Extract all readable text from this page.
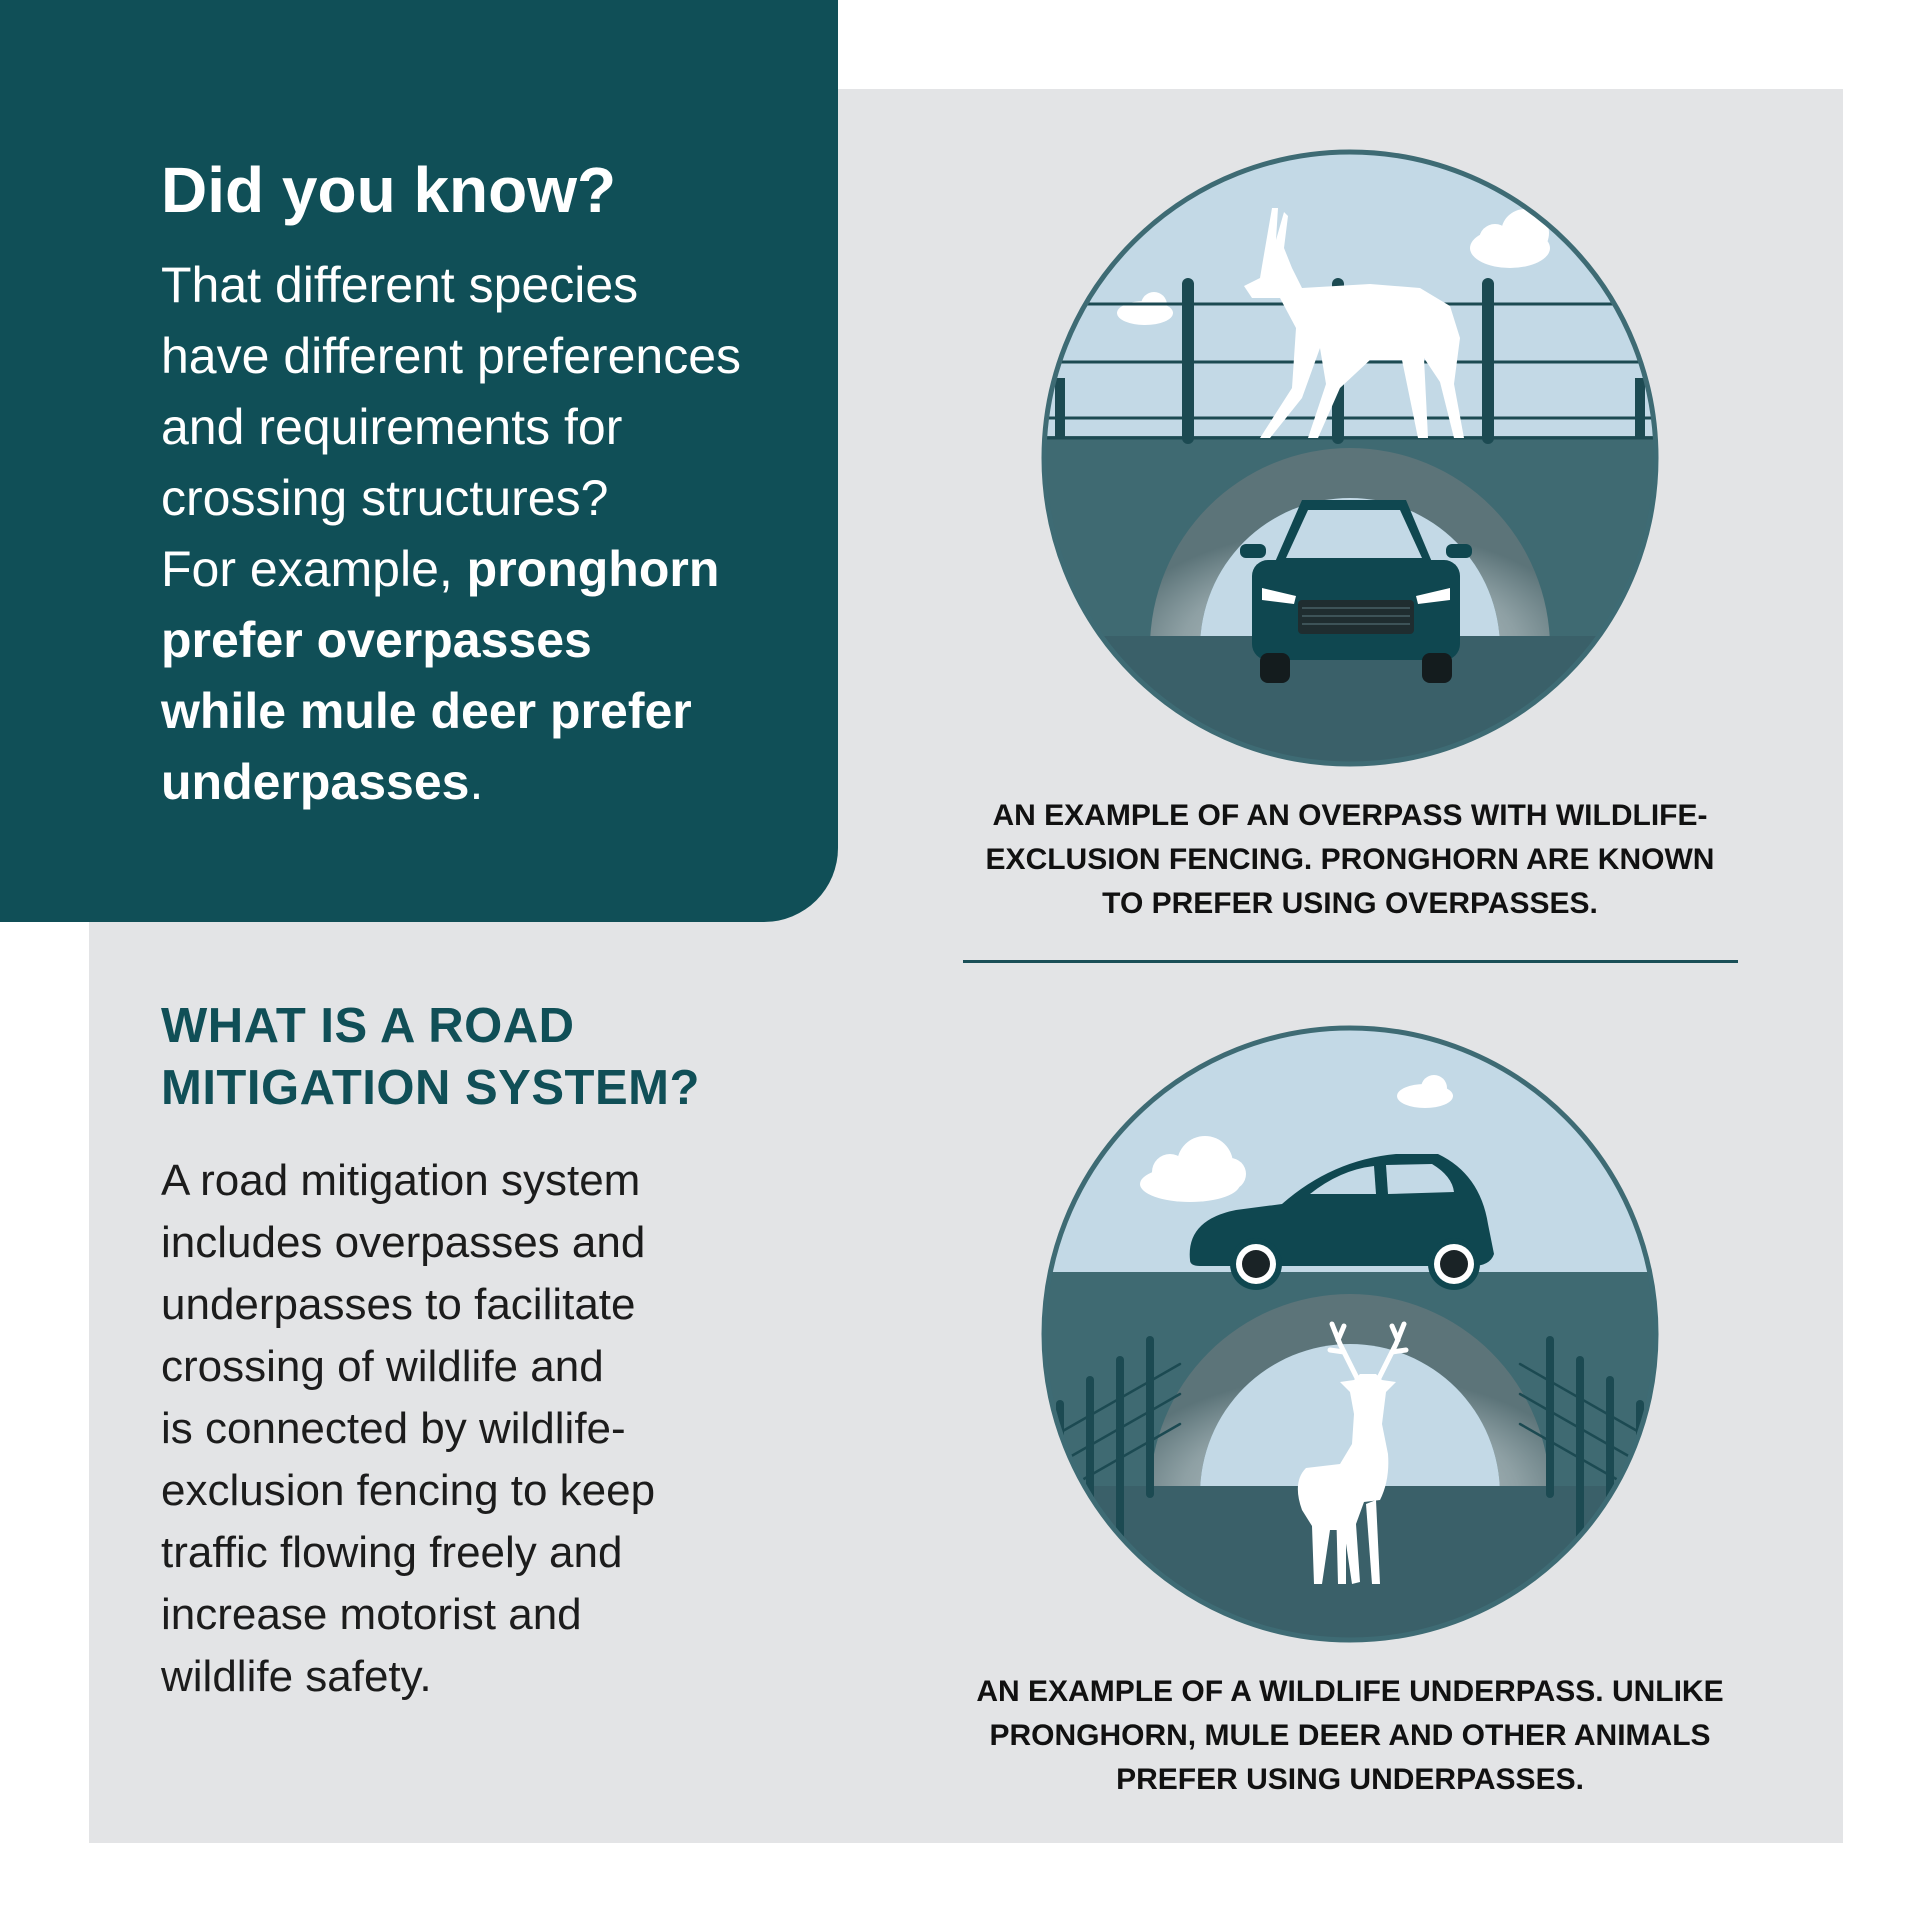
Did you know?

That different species
have different preferences
and requirements for
crossing structures?
For example, pronghorn
prefer overpasses
while mule deer prefer
underpasses.

WHAT IS A ROAD
MITIGATION SYSTEM?

A road mitigation system
includes overpasses and
underpasses to facilitate
crossing of wildlife and
is connected by wildlife-
exclusion fencing to keep
traffic flowing freely and
increase motorist and
wildlife safety.

AN EXAMPLE OF AN OVERPASS WITH WILDLIFE-
EXCLUSION FENCING. PRONGHORN ARE KNOWN
TO PREFER USING OVERPASSES.

AN EXAMPLE OF A WILDLIFE UNDERPASS. UNLIKE
PRONGHORN, MULE DEER AND OTHER ANIMALS
PREFER USING UNDERPASSES.
